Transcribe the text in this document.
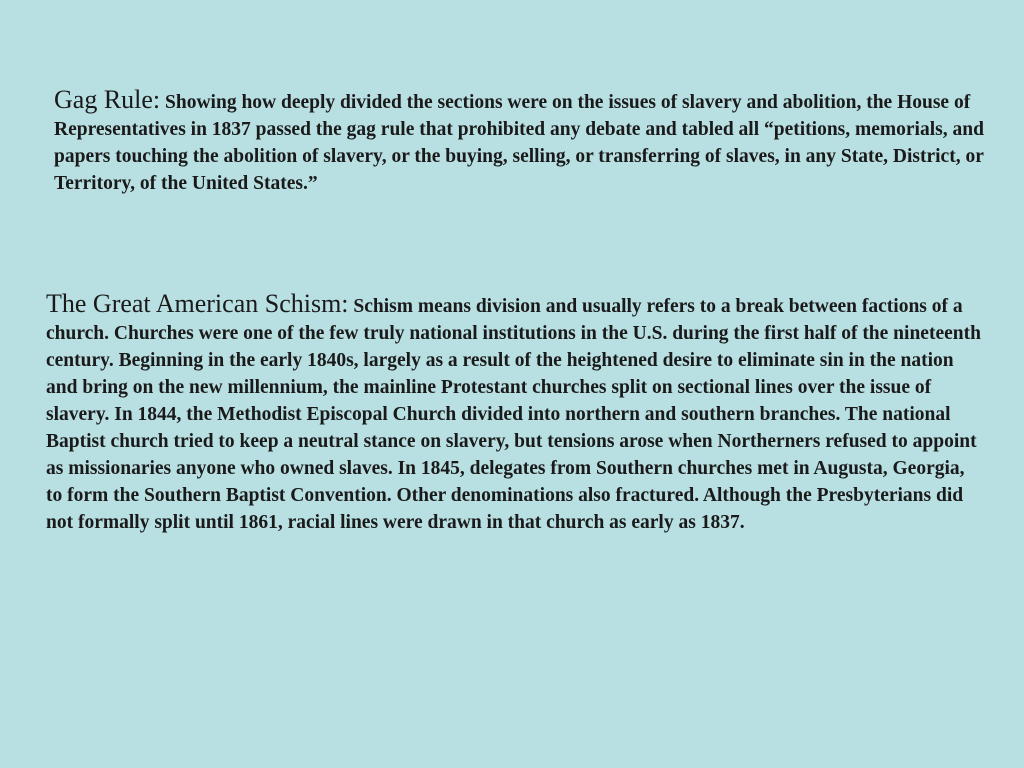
Gag Rule: Showing how deeply divided the sections were on the issues of slavery and abolition, the House of Representatives in 1837 passed the gag rule that prohibited any debate and tabled all “petitions, memorials, and papers touching the abolition of slavery, or the buying, selling, or transferring of slaves, in any State, District, or Territory, of the United States.”

The Great American Schism: Schism means division and usually refers to a break between factions of a church. Churches were one of the few truly national institutions in the U.S. during the first half of the nineteenth century. Beginning in the early 1840s, largely as a result of the heightened desire to eliminate sin in the nation and bring on the new millennium, the mainline Protestant churches split on sectional lines over the issue of slavery. In 1844, the Methodist Episcopal Church divided into northern and southern branches. The national Baptist church tried to keep a neutral stance on slavery, but tensions arose when Northerners refused to appoint as missionaries anyone who owned slaves. In 1845, delegates from Southern churches met in Augusta, Georgia, to form the Southern Baptist Convention. Other denominations also fractured. Although the Presbyterians did not formally split until 1861, racial lines were drawn in that church as early as 1837.
